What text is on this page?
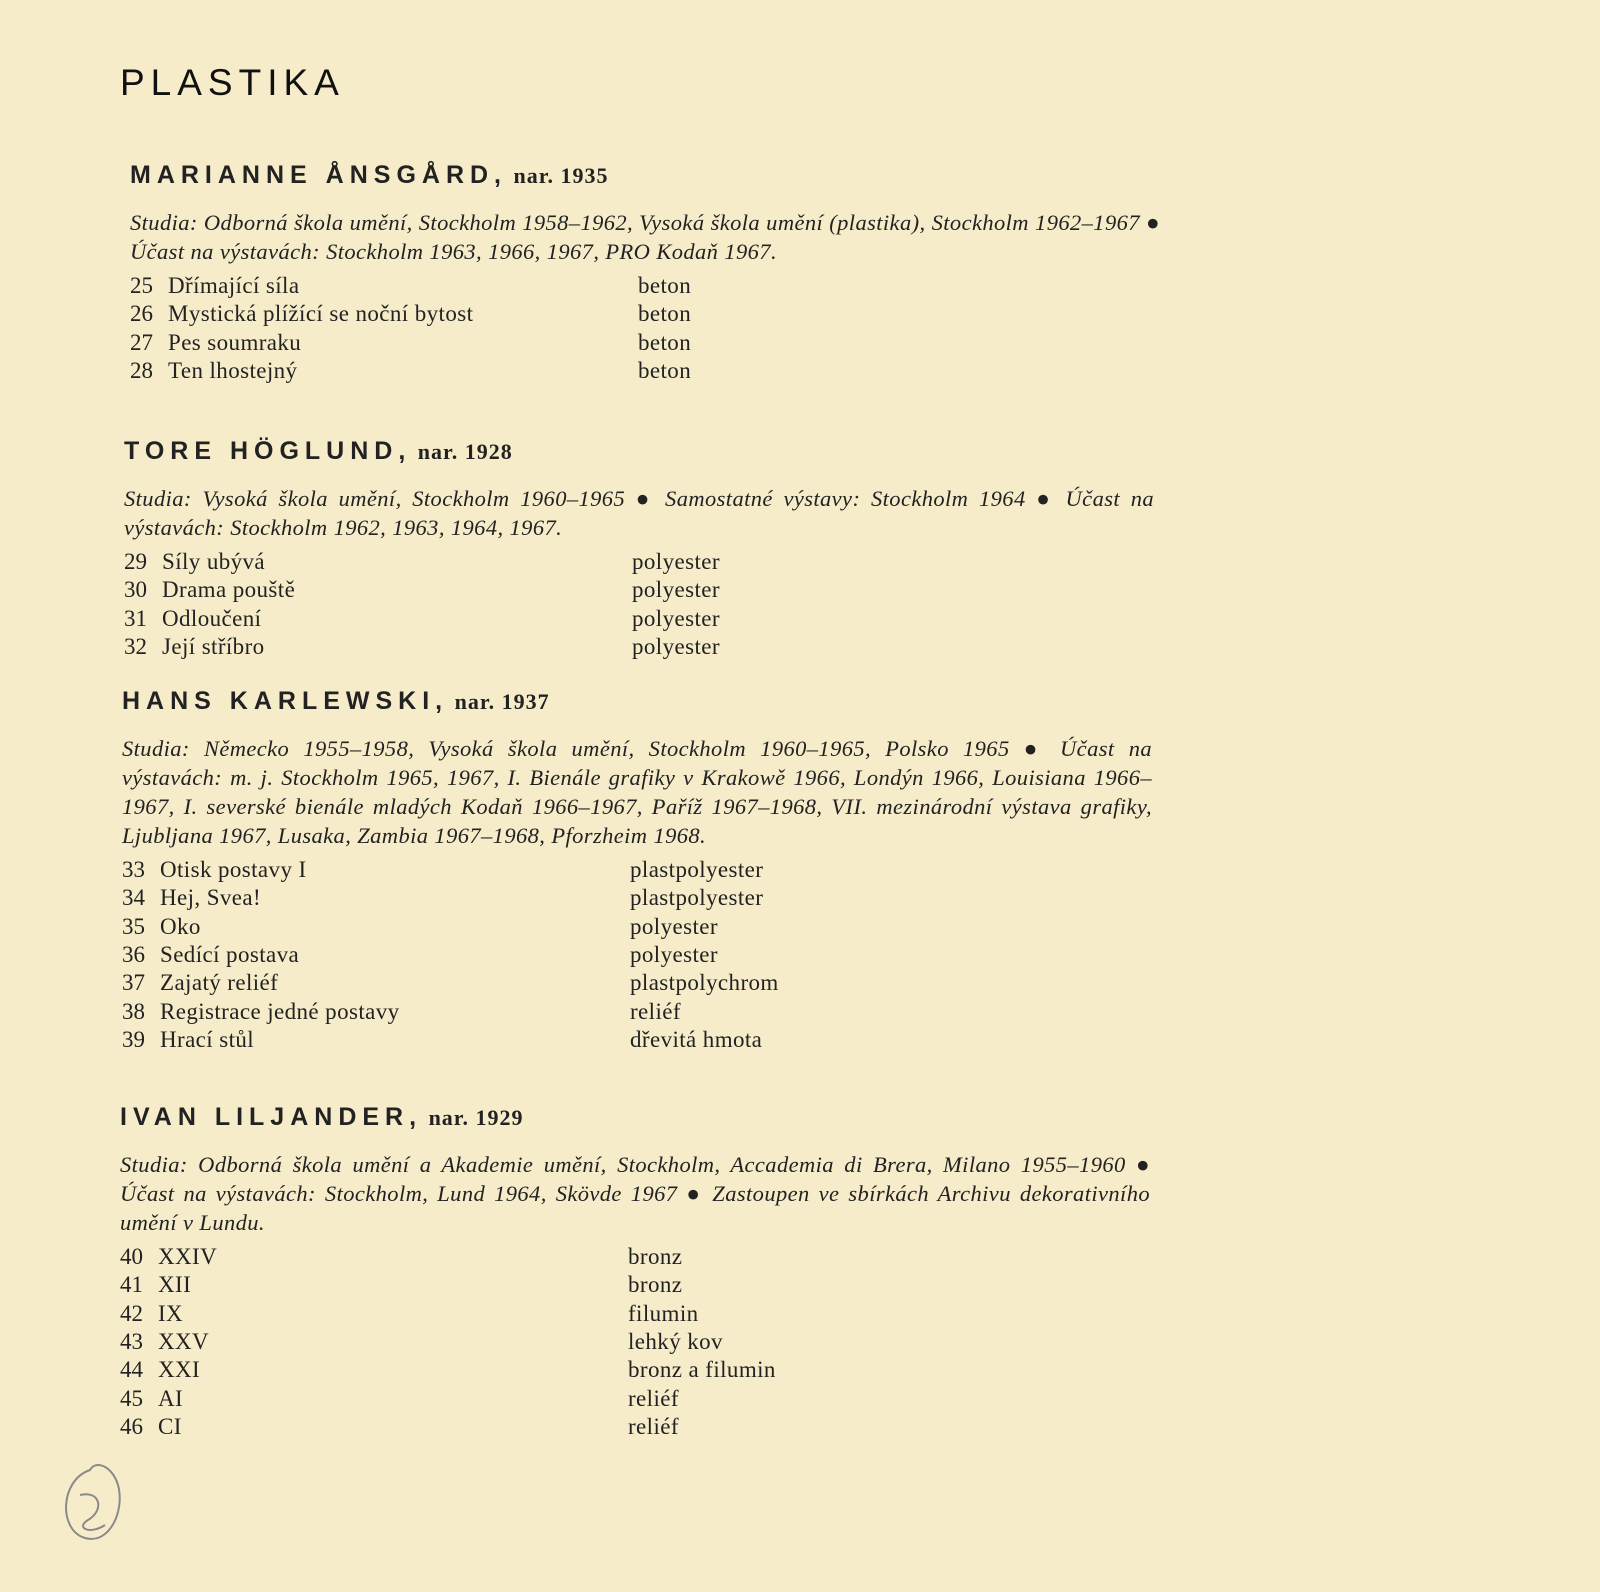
PLASTIKA
MARIANNE ÅNSGÅRD, nar. 1935

Studia: Odborná škola umění, Stockholm 1958–1962, Vysoká škola umění (plastika), Stockholm 1962–1967 ● Účast na výstavách: Stockholm 1963, 1966, 1967, PRO Kodaň 1967.

25 Dřímající síla	beton
26 Mystická plížící se noční bytost	beton
27 Pes soumraku	beton
28 Ten lhostejný	beton
TORE HÖGLUND, nar. 1928

Studia: Vysoká škola umění, Stockholm 1960–1965 ● Samostatné výstavy: Stockholm 1964 ● Účast na výstavách: Stockholm 1962, 1963, 1964, 1967.

29 Síly ubývá	polyester
30 Drama pouště	polyester
31 Odloučení	polyester
32 Její stříbro	polyester
HANS KARLEWSKI, nar. 1937

Studia: Německo 1955–1958, Vysoká škola umění, Stockholm 1960–1965, Polsko 1965 ● Účast na výstavách: m. j. Stockholm 1965, 1967, I. Bienále grafiky v Krakowě 1966, Londýn 1966, Louisiana 1966–1967, I. severské bienále mladých Kodaň 1966–1967, Paříž 1967–1968, VII. mezinárodní výstava grafiky, Ljubljana 1967, Lusaka, Zambia 1967–1968, Pforzheim 1968.

33 Otisk postavy I	plastpolyester
34 Hej, Svea!	plastpolyester
35 Oko	polyester
36 Sedící postava	polyester
37 Zajatý reliéf	plastpolychrom
38 Registrace jedné postavy	reliéf
39 Hrací stůl	dřevitá hmota
IVAN LILJANDER, nar. 1929

Studia: Odborná škola umění a Akademie umění, Stockholm, Accademia di Brera, Milano 1955–1960 ● Účast na výstavách: Stockholm, Lund 1964, Skövde 1967 ● Zastoupen ve sbírkách Archivu dekorativního umění v Lundu.

40 XXIV	bronz
41 XII	bronz
42 IX	filumin
43 XXV	lehký kov
44 XXI	bronz a filumin
45 AI	reliéf
46 CI	reliéf
